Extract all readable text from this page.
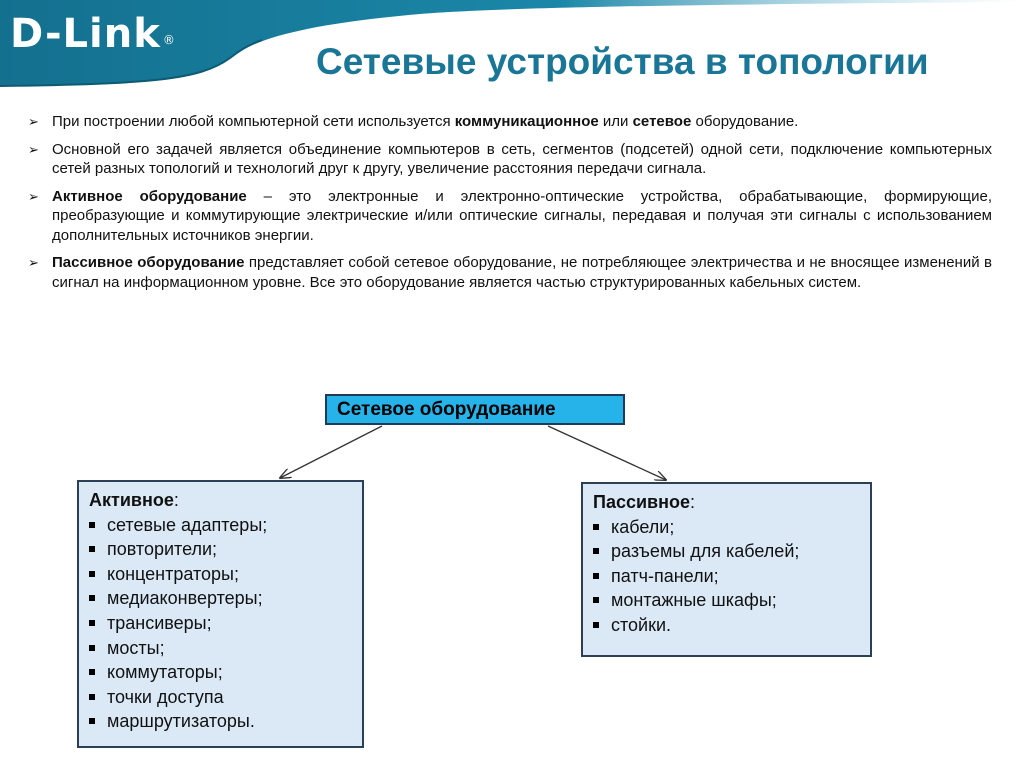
D-Link ®
Сетевые устройства в топологии
➢ При построении любой компьютерной сети используется коммуникационное или сетевое оборудование.
➢ Основной его задачей является объединение компьютеров в сеть, сегментов (подсетей) одной сети, подключение компьютерных сетей разных топологий и технологий друг к другу, увеличение расстояния передачи сигнала.
➢ Активное оборудование – это электронные и электронно-оптические устройства, обрабатывающие, формирующие, преобразующие и коммутирующие электрические и/или оптические сигналы, передавая и получая эти сигналы с использованием дополнительных источников энергии.
➢ Пассивное оборудование представляет собой сетевое оборудование, не потребляющее электричества и не вносящее изменений в сигнал на информационном уровне. Все это оборудование является частью структурированных кабельных систем.
Сетевое оборудование
Активное:
сетевые адаптеры;
повторители;
концентраторы;
медиаконвертеры;
трансиверы;
мосты;
коммутаторы;
точки доступа
маршрутизаторы.
Пассивное:
кабели;
разъемы для кабелей;
патч-панели;
монтажные шкафы;
стойки.
